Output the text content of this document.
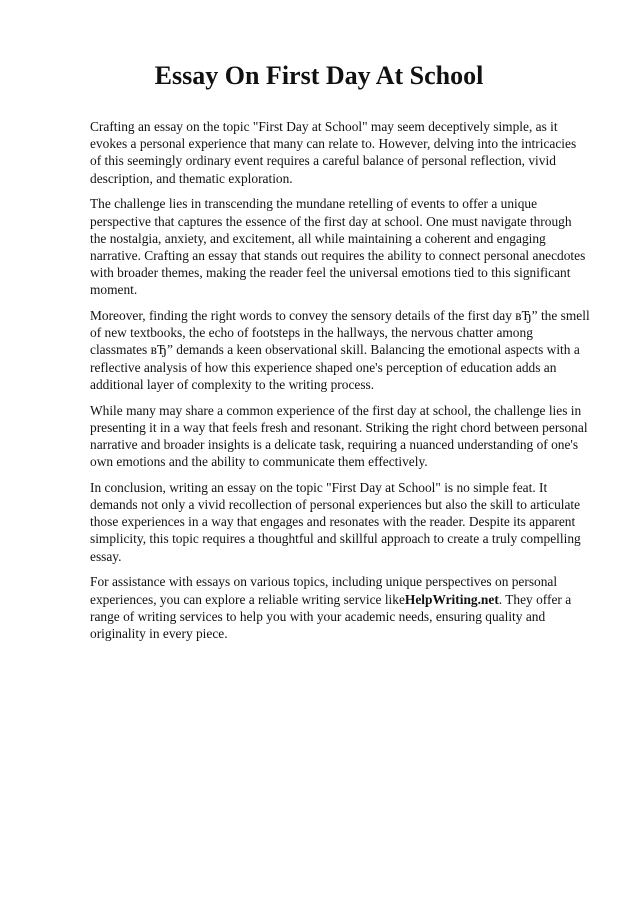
Essay On First Day At School

Crafting an essay on the topic "First Day at School" may seem deceptively simple, as it evokes a personal experience that many can relate to. However, delving into the intricacies of this seemingly ordinary event requires a careful balance of personal reflection, vivid description, and thematic exploration.

The challenge lies in transcending the mundane retelling of events to offer a unique perspective that captures the essence of the first day at school. One must navigate through the nostalgia, anxiety, and excitement, all while maintaining a coherent and engaging narrative. Crafting an essay that stands out requires the ability to connect personal anecdotes with broader themes, making the reader feel the universal emotions tied to this significant moment.

Moreover, finding the right words to convey the sensory details of the first day вЂ” the smell of new textbooks, the echo of footsteps in the hallways, the nervous chatter among classmates вЂ” demands a keen observational skill. Balancing the emotional aspects with a reflective analysis of how this experience shaped one's perception of education adds an additional layer of complexity to the writing process.

While many may share a common experience of the first day at school, the challenge lies in presenting it in a way that feels fresh and resonant. Striking the right chord between personal narrative and broader insights is a delicate task, requiring a nuanced understanding of one's own emotions and the ability to communicate them effectively.

In conclusion, writing an essay on the topic "First Day at School" is no simple feat. It demands not only a vivid recollection of personal experiences but also the skill to articulate those experiences in a way that engages and resonates with the reader. Despite its apparent simplicity, this topic requires a thoughtful and skillful approach to create a truly compelling essay.

For assistance with essays on various topics, including unique perspectives on personal experiences, you can explore a reliable writing service likeHelpWriting.net. They offer a range of writing services to help you with your academic needs, ensuring quality and originality in every piece.
